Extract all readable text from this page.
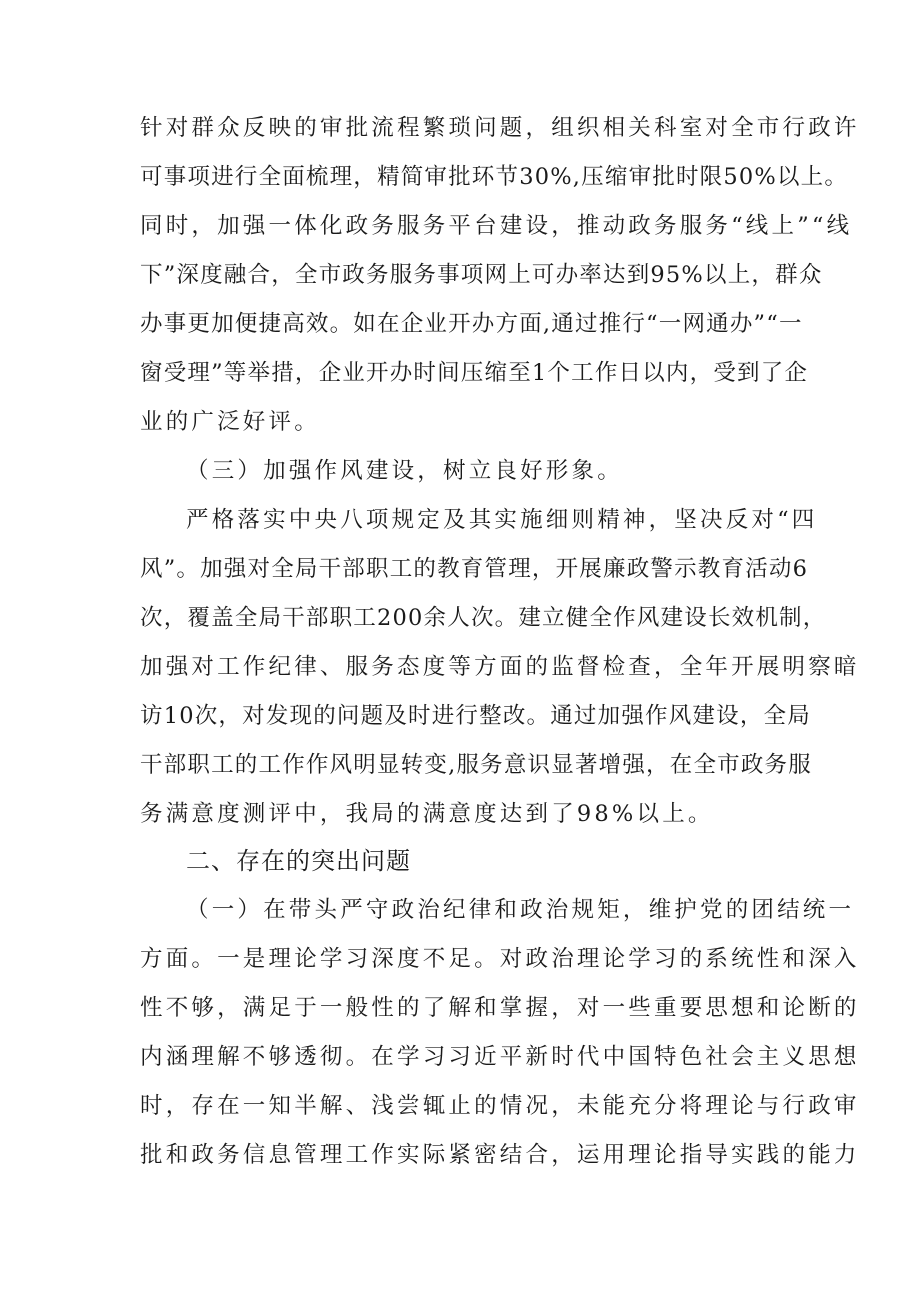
针对群众反映的审批流程繁琐问题，组织相关科室对全市行政许
可事项进行全面梳理，精简审批环节30%,压缩审批时限50%以上。
同时，加强一体化政务服务平台建设，推动政务服务“线上”“线
下”深度融合，全市政务服务事项网上可办率达到95%以上，群众
办事更加便捷高效。如在企业开办方面,通过推行“一网通办”“一
窗受理”等举措，企业开办时间压缩至1个工作日以内，受到了企
业的广泛好评。
（三）加强作风建设，树立良好形象。
严格落实中央八项规定及其实施细则精神，坚决反对“四
风”。加强对全局干部职工的教育管理，开展廉政警示教育活动6
次，覆盖全局干部职工200余人次。建立健全作风建设长效机制，
加强对工作纪律、服务态度等方面的监督检查，全年开展明察暗
访10次，对发现的问题及时进行整改。通过加强作风建设，全局
干部职工的工作作风明显转变,服务意识显著增强，在全市政务服
务满意度测评中，我局的满意度达到了98%以上。
二、存在的突出问题
（一）在带头严守政治纪律和政治规矩，维护党的团结统一
方面。一是理论学习深度不足。对政治理论学习的系统性和深入
性不够，满足于一般性的了解和掌握，对一些重要思想和论断的
内涵理解不够透彻。在学习习近平新时代中国特色社会主义思想
时，存在一知半解、浅尝辄止的情况，未能充分将理论与行政审
批和政务信息管理工作实际紧密结合，运用理论指导实践的能力
